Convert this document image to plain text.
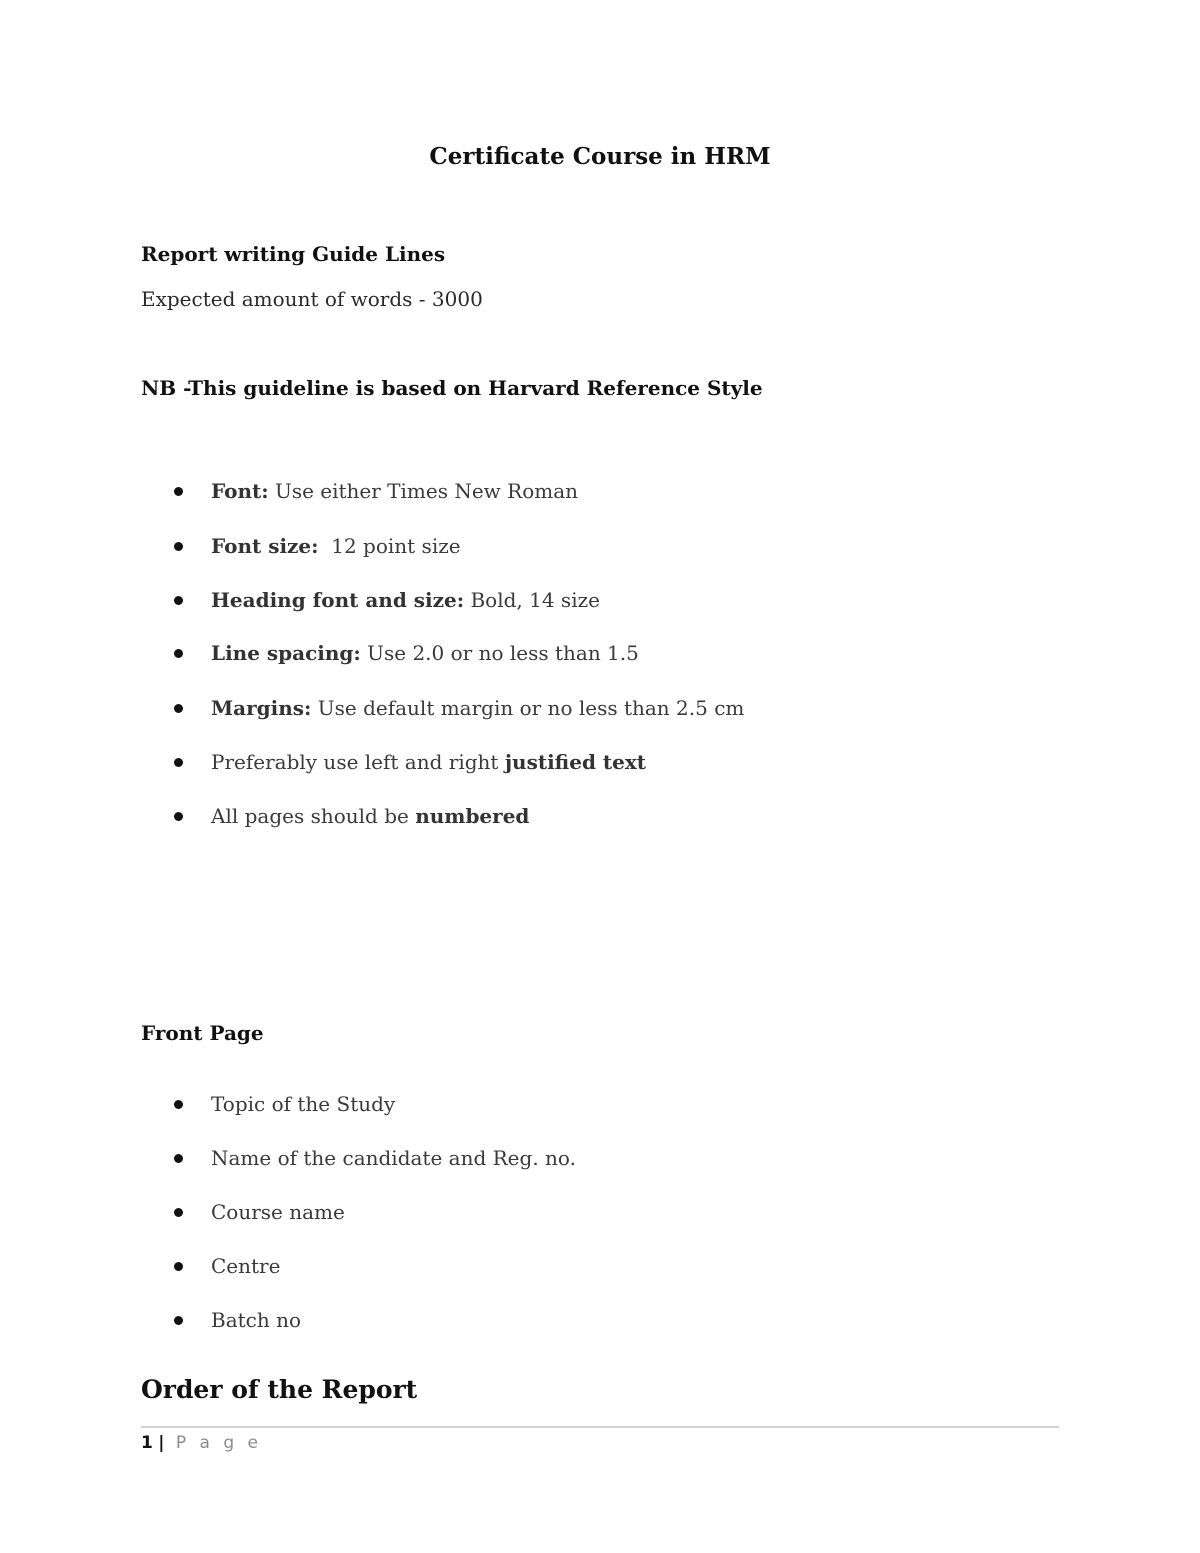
Certificate Course in HRM
Report writing Guide Lines
Expected amount of words - 3000
NB -This guideline is based on Harvard Reference Style
Font: Use either Times New Roman
Font size: 12 point size
Heading font and size: Bold, 14 size
Line spacing: Use 2.0 or no less than 1.5
Margins: Use default margin or no less than 2.5 cm
Preferably use left and right justified text
All pages should be numbered
Front Page
Topic of the Study
Name of the candidate and Reg. no.
Course name
Centre
Batch no
Order of the Report
1 | P a g e
